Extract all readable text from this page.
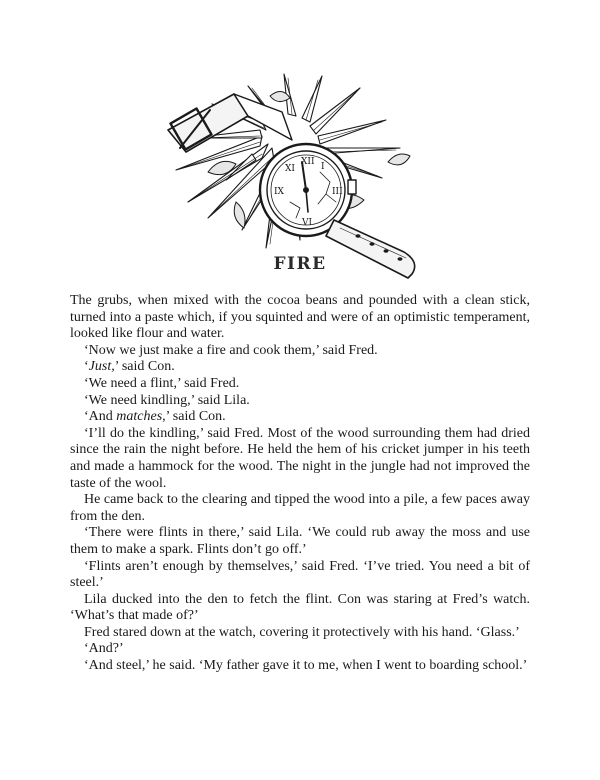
XII
III
VI
IX
I
XI
FIRE

The grubs, when mixed with the cocoa beans and pounded with a clean stick, turned into a paste which, if you squinted and were of an optimistic temperament, looked like flour and water.

‘Now we just make a fire and cook them,’ said Fred.

‘Just,’ said Con.

‘We need a flint,’ said Fred.

‘We need kindling,’ said Lila.

‘And matches,’ said Con.

‘I’ll do the kindling,’ said Fred. Most of the wood surrounding them had dried since the rain the night before. He held the hem of his cricket jumper in his teeth and made a hammock for the wood. The night in the jungle had not improved the taste of the wool.

He came back to the clearing and tipped the wood into a pile, a few paces away from the den.

‘There were flints in there,’ said Lila. ‘We could rub away the moss and use them to make a spark. Flints don’t go off.’

‘Flints aren’t enough by themselves,’ said Fred. ‘I’ve tried. You need a bit of steel.’

Lila ducked into the den to fetch the flint. Con was staring at Fred’s watch. ‘What’s that made of?’

Fred stared down at the watch, covering it protectively with his hand. ‘Glass.’

‘And?’

‘And steel,’ he said. ‘My father gave it to me, when I went to boarding school.’
